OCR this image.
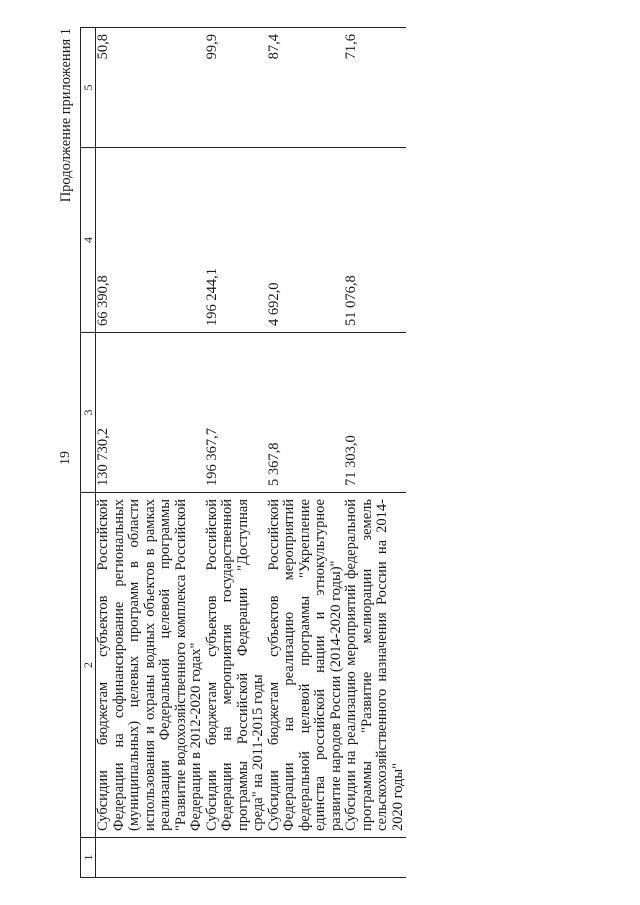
19
Продолжение приложения 1
1	2	3	4	5
	Субсидии бюджетам субъектов Российской Федерации на софинансирование региональных (муниципальных) целевых программ в области использования и охраны водных объектов в рамках реализации Федеральной целевой программы "Развитие водохозяйственного комплекса Российской Федерации в 2012-2020 годах"	130 730,2	66 390,8	50,8
	Субсидии бюджетам субъектов Российской Федерации на мероприятия государственной программы Российской Федерации "Доступная среда" на 2011-2015 годы	196 367,7	196 244,1	99,9
	Субсидии бюджетам субъектов Российской Федерации на реализацию мероприятий федеральной целевой программы "Укрепление единства российской нации и этнокультурное развитие народов России (2014-2020 годы)"	5 367,8	4 692,0	87,4
	Субсидии на реализацию мероприятий федеральной программы "Развитие мелиорации земель сельскохозяйственного назначения России на 2014-2020 годы"	71 303,0	51 076,8	71,6
